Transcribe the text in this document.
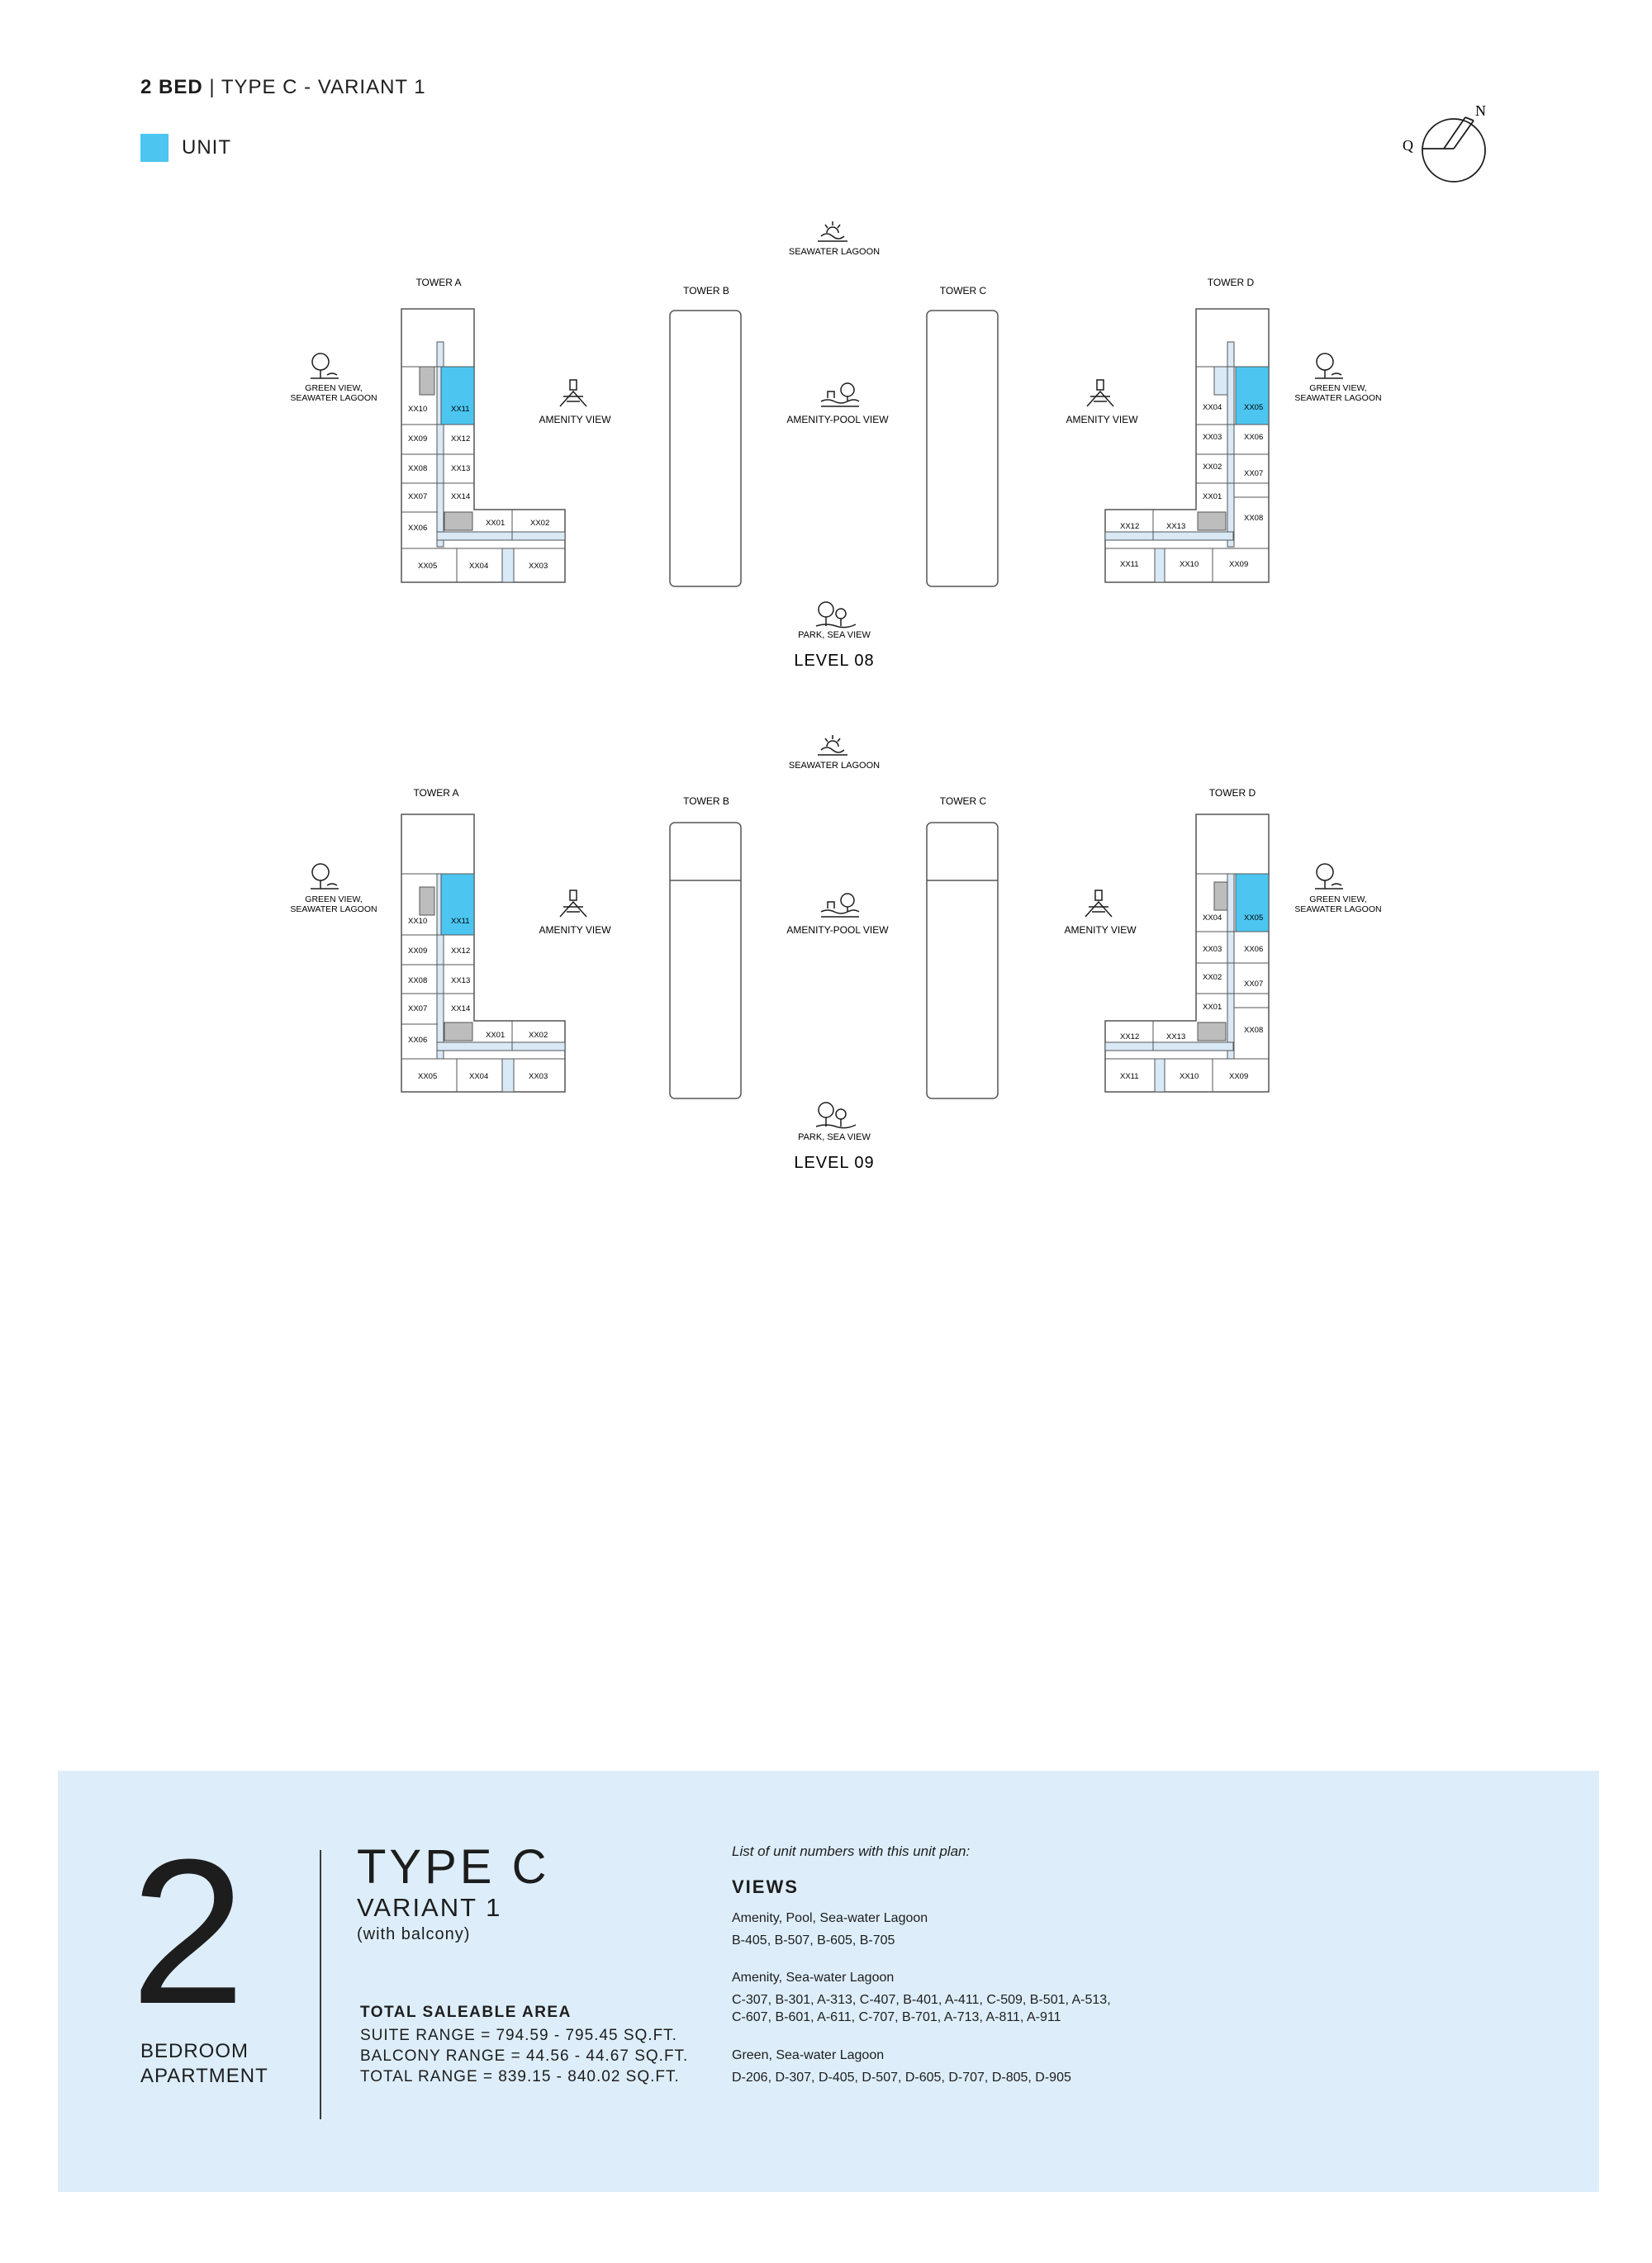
2 BED | TYPE C - VARIANT 1
UNIT
N
Q
SEAWATER LAGOON
TOWER A
TOWER B	TOWER C
TOWER D
GREEN VIEW, SEAWATER LAGOON
AMENITY VIEW	AMENITY-POOL VIEW	AMENITY VIEW
GREEN VIEW, SEAWATER LAGOON
XX10	XX11
XX09	XX12
XX08	XX13
XX07	XX14
XX06
XX01	XX02
XX05	XX04	XX03
XX04	XX05
XX03	XX06
XX02
XX07
XX01
XX08
XX12	XX13
XX11	XX10	XX09
PARK, SEA VIEW
LEVEL 08
SEAWATER LAGOON
TOWER A
TOWER B	TOWER C
TOWER D
GREEN VIEW, SEAWATER LAGOON
AMENITY VIEW	AMENITY-POOL VIEW	AMENITY VIEW
GREEN VIEW, SEAWATER LAGOON
XX10	XX11
XX09	XX12
XX08	XX13
XX07	XX14
XX06
XX01	XX02
XX05	XX04	XX03
XX04	XX05
XX03	XX06
XX02
XX07
XX01
XX08
XX12	XX13
XX11	XX10	XX09
PARK, SEA VIEW
LEVEL 09
2
BEDROOM
APARTMENT
TYPE C
VARIANT 1
(with balcony)
TOTAL SALEABLE AREA
SUITE RANGE = 794.59 - 795.45 SQ.FT.
BALCONY RANGE = 44.56 - 44.67 SQ.FT.
TOTAL RANGE = 839.15 - 840.02 SQ.FT.
List of unit numbers with this unit plan:
VIEWS
Amenity, Pool, Sea-water Lagoon
B-405, B-507, B-605, B-705
Amenity, Sea-water Lagoon
C-307, B-301, A-313, C-407, B-401, A-411, C-509, B-501, A-513,
C-607, B-601, A-611, C-707, B-701, A-713, A-811, A-911
Green, Sea-water Lagoon
D-206, D-307, D-405, D-507, D-605, D-707, D-805, D-905
